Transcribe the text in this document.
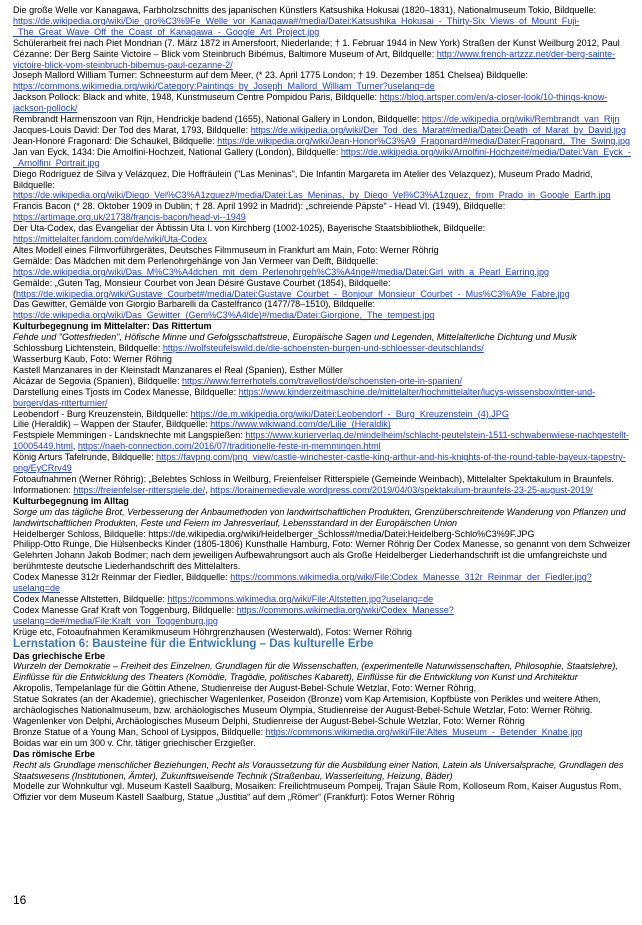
Die große Welle vor Kanagawa, Farbholzschnitts des japanischen Künstlers Katsushika Hokusai (1820–1831), Nationalmuseum Tokio, Bildquelle: https://de.wikipedia.org/wiki/Die_gro%C3%9Fe_Welle_vor_Kanagawa#/media/Datei:Katsushika_Hokusai_-_Thirty-Six_Views_of_Mount_Fuji-_The_Great_Wave_Off_the_Coast_of_Kanagawa_-_Google_Art_Project.jpg

Schülerarbeit frei nach Piet Mondrian (7. März 1872 in Amersfoort, Niederlande; † 1. Februar 1944 in New York) Straßen der Kunst Weilburg 2012, Paul Cézanne: Der Berg Sainte Victoire – Blick vom Steinbruch Bibémus, Baltimore Museum of Art, Bildquelle: http://www.french-artzzz.net/der-berg-sainte-victoire-blick-vom-steinbruch-bibemus-paul-cezanne-2/

Joseph Mallord William Turner: Schneesturm auf dem Meer, (* 23. April 1775 London; † 19. Dezember 1851 Chelsea) Bildquelle: https://commons.wikimedia.org/wiki/Category:Paintings_by_Joseph_Mallord_William_Turner?uselang=de

Jackson Pollock: Black and white, 1948, Kunstmuseum Centre Pompidou Paris, Bildquelle: https://blog.artsper.com/en/a-closer-look/10-things-know-jackson-pollock/

Rembrandt Harmenszoon van Rijn, Hendrickje badend (1655), National Gallery in London, Bildquelle: https://de.wikipedia.org/wiki/Rembrandt_van_Rijn

Jacques-Louis David: Der Tod des Marat, 1793, Bildquelle: https://de.wikipedia.org/wiki/Der_Tod_des_Marat#/media/Datei:Death_of_Marat_by_David.jpg

Jean-Honoré Fragonard: Die Schaukel, Bildquelle: https://de.wikipedia.org/wiki/Jean-Honor%C3%A9_Fragonard#/media/Datei:Fragonard,_The_Swing.jpg

Jan van Eyck, 1434: Die Arnolfini-Hochzeit, National Gallery (London), Bildquelle: https://de.wikipedia.org/wiki/Arnolfini-Hochzeit#/media/Datei:Van_Eyck_-_Arnolfini_Portrait.jpg

Diego Rodríguez de Silva y Velázquez, Die Hoffräulein ("Las Meninas", Die Infantin Margareta im Atelier des Velazquez), Museum Prado Madrid, Bildquelle: https://de.wikipedia.org/wiki/Diego_Vel%C3%A1zquez#/media/Datei:Las_Meninas,_by_Diego_Vel%C3%A1zquez,_from_Prado_in_Google_Earth.jpg

Francis Bacon (* 28. Oktober 1909 in Dublin; † 28. April 1992 in Madrid): „schreiende Päpste“ - Head VI. (1949), Bildquelle: https://artimage.org.uk/21738/francis-bacon/head-vi--1949

Der Uta-Codex, das Evangeliar der Äbtissin Uta I. von Kirchberg (1002-1025), Bayerische Staatsbibliothek, Bildquelle: https://mittelalter.fandom.com/de/wiki/Uta-Codex

Altes Modell eines Filmvorführgerätes, Deutsches Filmmuseum in Frankfurt am Main, Foto: Werner Röhrig

Gemälde: Das Mädchen mit dem Perlenohrgehänge von Jan Vermeer van Delft, Bildquelle: https://de.wikipedia.org/wiki/Das_M%C3%A4dchen_mit_dem_Perlenohrgeh%C3%A4nge#/media/Datei:Girl_with_a_Pearl_Earring.jpg

Gemälde: „Guten Tag, Monsieur Courbet von Jean Désiré Gustave Courbet (1854), Bildquelle: (https://de.wikipedia.org/wiki/Gustave_Courbet#/media/Datei:Gustave_Courbet_-_Bonjour_Monsieur_Courbet_-_Mus%C3%A9e_Fabre.jpg

Das Gewitter, Gemälde von Giorgio Barbarelli da Castelfranco (1477/78–1510), Bildquelle: https://de.wikipedia.org/wiki/Das_Gewitter_(Gem%C3%A4lde)#/media/Datei:Giorgione,_The_tempest.jpg

Kulturbegegnung im Mittelalter: Das Rittertum

Fehde und "Gottesfrieden", Höfische Minne und Gefolgsschaftstreue, Europäische Sagen und Legenden, Mittelalterliche Dichtung und Musik

Schlossburg Lichtenstein, Bildquelle: https://wolfsteufelswild.de/die-schoensten-burgen-und-schloesser-deutschlands/

Wasserburg Kaub, Foto: Werner Röhrig

Kastell Manzanares in der Kleinstadt Manzanares el Real (Spanien), Esther Müller

Alcázar de Segovia (Spanien), Bildquelle: https://www.ferrerhotels.com/travellost/de/schoensten-orte-in-spanien/

Darstellung eines Tjosts im Codex Manesse, Bildquelle: https://www.kinderzeitmaschine.de/mittelalter/hochmittelalter/lucys-wissensbox/ritter-und-burgen/das-ritterturnier/

Leobendorf - Burg Kreuzenstein, Bildquelle: https://de.m.wikipedia.org/wiki/Datei:Leobendorf_-_Burg_Kreuzenstein_(4).JPG

Lilie (Heraldik) – Wappen der Staufer, Bildquelle: https://www.wikiwand.com/de/Lilie_(Heraldik)

Festspiele Memmingen - Landsknechte mit Langspießen: https://www.kurierverlag.de/mindelheim/schlacht-peutelstein-1511-schwabenwiese-nachgestellt-10005449.html, https://naeh-connection.com/2016/07/traditionelle-feste-in-memmingen.html

König Arturs Tafelrunde, Bildquelle: https://favpng.com/png_view/castle-winchester-castle-king-arthur-and-his-knights-of-the-round-table-bayeux-tapestry-png/EyCRrv49

Fotoaufnahmen (Werner Röhrig): „Belebtes Schloss in Weilburg, Freienfelser Ritterspiele (Gemeinde Weinbach), Mittelalter Spektakulum in Braunfels. Informationen: https://freienfelser-ritterspiele.de/, https://lorainemedievale.wordpress.com/2019/04/03/spektakulum-braunfels-23-25-august-2019/

Kulturbegegnung im Alltag

Sorge um das tägliche Brot, Verbesserung der Anbaumethoden von landwirtschaftlichen Produkten, Grenzüberschreitende Wanderung von Pflanzen und landwirtschaftlichen Produkten, Feste und Feiern im Jahresverlauf, Lebensstandard in der Europäischen Union

Heidelberger Schloss, Bildquelle: https://de.wikipedia.org/wiki/Heidelberger_Schloss#/media/Datei:Heidelberg-Schlo%C3%9F.JPG

Philipp-Otto Runge, Die Hülsenbecks Kinder (1805-1806) Kunsthalle Hamburg, Foto: Werner Röhrig Der Codex Manesse, so genannt von dem Schweizer Gelehrten Johann Jakob Bodmer; nach dem jeweiligen Aufbewahrungsort auch als Große Heidelberger Liederhandschrift ist die umfangreichste und berühmteste deutsche Liederhandschrift des Mittelalters.

Codex Manesse 312r Reinmar der Fiedler, Bildquelle: https://commons.wikimedia.org/wiki/File:Codex_Manesse_312r_Reinmar_der_Fiedler.jpg?uselang=de

Codex Manesse Altstetten, Bildquelle: https://commons.wikimedia.org/wiki/File:Altstetten.jpg?uselang=de

Codex Manesse Graf Kraft von Toggenburg, Bildquelle: https://commons.wikimedia.org/wiki/Codex_Manesse?uselang=de#/media/File:Kraft_von_Toggenburg.jpg

Krüge etc, Fotoaufnahmen Keramikmuseum Höhrgrenzhausen (Westerwald), Fotos: Werner Röhrig

Lernstation 6: Bausteine für die Entwicklung – Das kulturelle Erbe

Das griechische Erbe

Wurzeln der Demokratie – Freiheit des Einzelnen, Grundlagen für die Wissenschaften, (experimentelle Naturwissenschaften, Philosophie, Staatslehre), Einflüsse für die Entwicklung des Theaters (Komödie, Tragödie, politisches Kabarett), Einflüsse für die Entwicklung von Kunst und Architektur

Akropolis, Tempelanlage für die Göttin Athene, Studienreise der August-Bebel-Schule Wetzlar, Foto: Werner Röhrig,

Statue Sokrates (an der Akademie), griechischer Wagenlenker, Poseidon (Bronze) vom Kap Artemision, Kopfbüste von Perikles und weitere Athen, archäologisches Nationalmuseum, bzw. archäologisches Museum Olympia, Studienreise der August-Bebel-Schule Wetzlar, Foto: Werner Röhrig.

Wagenlenker von Delphi, Archäologisches Museum Delphi, Studienreise der August-Bebel-Schule Wetzlar, Foto: Werner Röhrig

Bronze Statue of a Young Man, School of Lysippos, Bildquelle: https://commons.wikimedia.org/wiki/File:Altes_Museum_-_Betender_Knabe.jpg

Boidas war ein um 300 v. Chr. tätiger griechischer Erzgießer.

Das römische Erbe

Recht als Grundlage menschlicher Beziehungen, Recht als Voraussetzung für die Ausbildung einer Nation, Latein als Universalsprache, Grundlagen des Staatswesens (Institutionen, Ämter), Zukunftsweisende Technik (Straßenbau, Wasserleitung, Heizung, Bäder)

Modelle zur Wohnkultur vgl. Museum Kastell Saalburg, Mosaiken: Freilichtmuseum Pompeij, Trajan Säule Rom, Kolloseum Rom, Kaiser Augustus Rom, Offizier vor dem Museum Kastell Saalburg, Statue „Justitia“ auf dem „Römer“ (Frankfurt): Fotos Werner Röhrig

16
